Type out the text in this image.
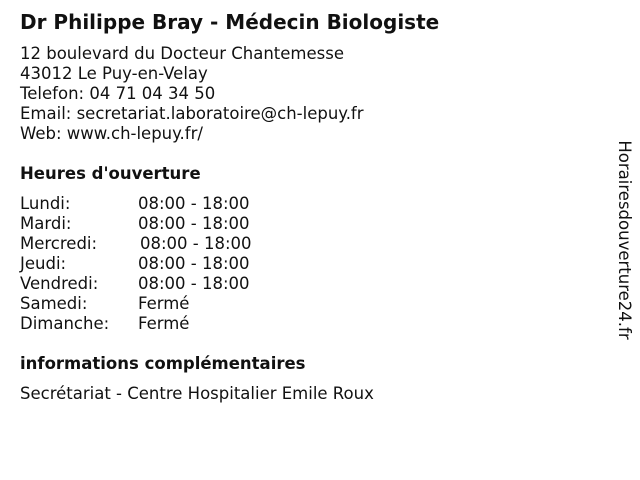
Dr Philippe Bray - Médecin Biologiste
12 boulevard du Docteur Chantemesse
43012 Le Puy-en-Velay
Telefon: 04 71 04 34 50
Email: secretariat.laboratoire@ch-lepuy.fr
Web: www.ch-lepuy.fr/
Heures d'ouverture
Lundi:	08:00 - 18:00
Mardi:	08:00 - 18:00
Mercredi:	08:00 - 18:00
Jeudi:	08:00 - 18:00
Vendredi: 08:00 - 18:00
Samedi:	Fermé
Dimanche: Fermé
informations complémentaires
Secrétariat - Centre Hospitalier Emile Roux
Horairesdouverture24.fr
